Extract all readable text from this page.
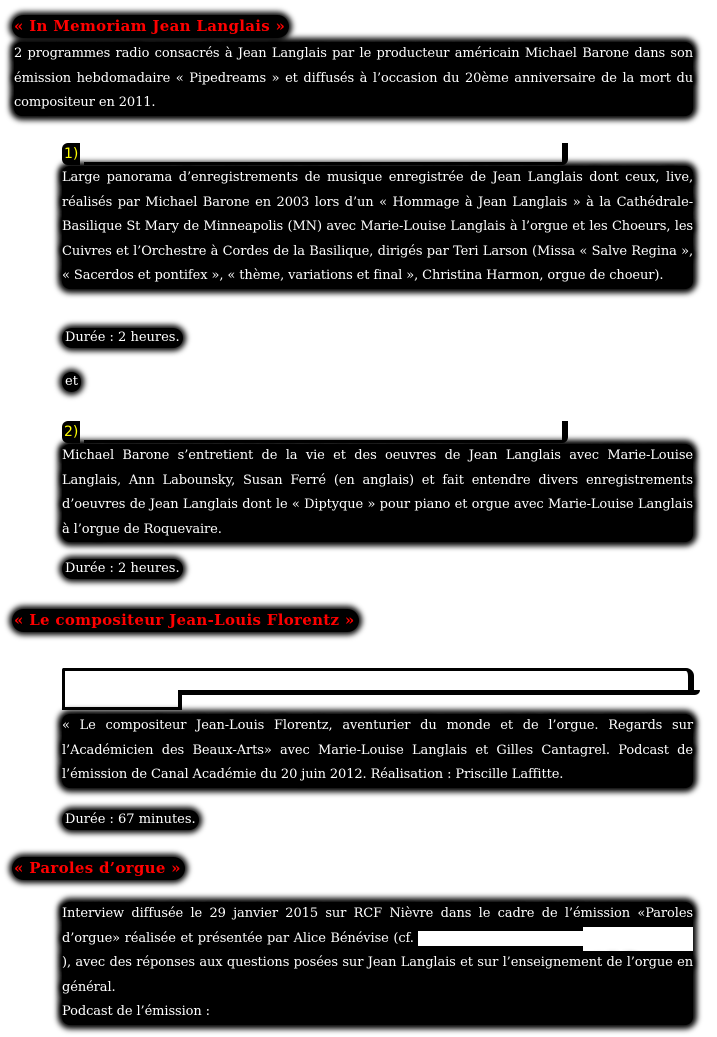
« In Memoriam Jean Langlais »
2 programmes radio consacrés à Jean Langlais par le producteur américain Michael Barone dans son émission hebdomadaire « Pipedreams » et diffusés à l’occasion du 20ème anniversaire de la mort du compositeur en 2011.
1)
Large panorama d’enregistrements de musique enregistrée de Jean Langlais dont ceux, live, réalisés par Michael Barone en 2003 lors d’un « Hommage à Jean Langlais » à la Cathédrale-Basilique St Mary de Minneapolis (MN) avec Marie-Louise Langlais à l’orgue et les Choeurs, les Cuivres et l’Orchestre à Cordes de la Basilique, dirigés par Teri Larson (Missa « Salve Regina », « Sacerdos et pontifex », « thème, variations et final », Christina Harmon, orgue de choeur).
Durée : 2 heures.
et
2)
Michael Barone s’entretient de la vie et des oeuvres de Jean Langlais avec Marie-Louise Langlais, Ann Labounsky, Susan Ferré (en anglais) et fait entendre divers enregistrements d’oeuvres de Jean Langlais dont le « Diptyque » pour piano et orgue avec Marie-Louise Langlais à l’orgue de Roquevaire.
Durée : 2 heures.
« Le compositeur Jean-Louis Florentz »
« Le compositeur Jean-Louis Florentz, aventurier du monde et de l’orgue. Regards sur l’Académicien des Beaux-Arts» avec Marie-Louise Langlais et Gilles Cantagrel. Podcast de l’émission de Canal Académie du 20 juin 2012. Réalisation : Priscille Laffitte.
Durée : 67 minutes.
« Paroles d’orgue »
Interview diffusée le 29 janvier 2015 sur RCF Nièvre dans le cadre de l’émission «Paroles d’orgue» réalisée et présentée par Alice Bénévise (cf.   ), avec des réponses aux questions posées sur Jean Langlais et sur l’enseignement de l’orgue en général.
Podcast de l’émission :
